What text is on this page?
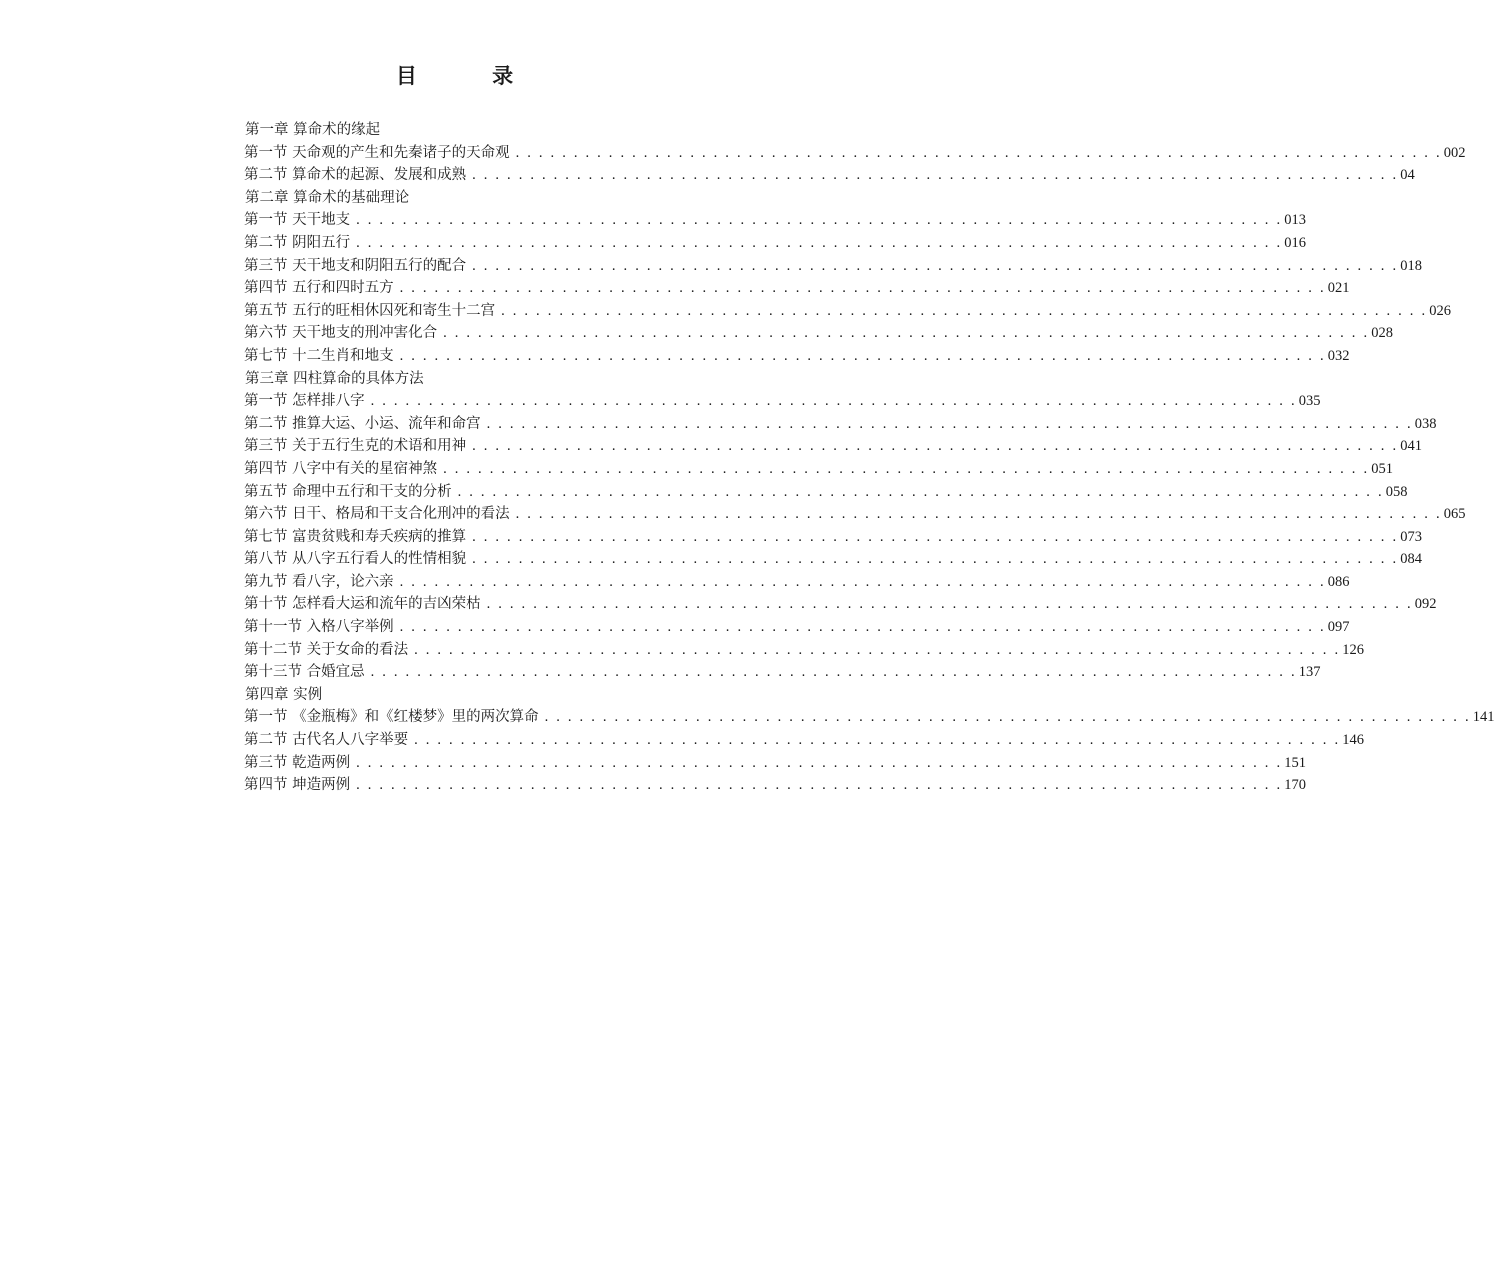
目 录
第一章 算命术的缘起
第一节 天命观的产生和先秦诸子的天命观 . . . . . . . . . . . . . . . . . . . . . . . . . . . . . . . . . . . . . . . . . . . . . . . . . . . . . . . . . . . . . . . . . . . . . . . . . . . . . . . . 002
第二节 算命术的起源、发展和成熟 . . . . . . . . . . . . . . . . . . . . . . . . . . . . . . . . . . . . . . . . . . . . . . . . . . . . . . . . . . . . . . . . . . . . . . . . . . . . . . . . 04
第二章 算命术的基础理论
第一节 天干地支 . . . . . . . . . . . . . . . . . . . . . . . . . . . . . . . . . . . . . . . . . . . . . . . . . . . . . . . . . . . . . . . . . . . . . . . . . . . . . . . . 013
第二节 阴阳五行 . . . . . . . . . . . . . . . . . . . . . . . . . . . . . . . . . . . . . . . . . . . . . . . . . . . . . . . . . . . . . . . . . . . . . . . . . . . . . . . . 016
第三节 天干地支和阴阳五行的配合 . . . . . . . . . . . . . . . . . . . . . . . . . . . . . . . . . . . . . . . . . . . . . . . . . . . . . . . . . . . . . . . . . . . . . . . . . . . . . . . . 018
第四节 五行和四时五方 . . . . . . . . . . . . . . . . . . . . . . . . . . . . . . . . . . . . . . . . . . . . . . . . . . . . . . . . . . . . . . . . . . . . . . . . . . . . . . . . 021
第五节 五行的旺相休囚死和寄生十二宫 . . . . . . . . . . . . . . . . . . . . . . . . . . . . . . . . . . . . . . . . . . . . . . . . . . . . . . . . . . . . . . . . . . . . . . . . . . . . . . . . 026
第六节 天干地支的刑冲害化合 . . . . . . . . . . . . . . . . . . . . . . . . . . . . . . . . . . . . . . . . . . . . . . . . . . . . . . . . . . . . . . . . . . . . . . . . . . . . . . . . 028
第七节 十二生肖和地支 . . . . . . . . . . . . . . . . . . . . . . . . . . . . . . . . . . . . . . . . . . . . . . . . . . . . . . . . . . . . . . . . . . . . . . . . . . . . . . . . 032
第三章 四柱算命的具体方法
第一节 怎样排八字 . . . . . . . . . . . . . . . . . . . . . . . . . . . . . . . . . . . . . . . . . . . . . . . . . . . . . . . . . . . . . . . . . . . . . . . . . . . . . . . . 035
第二节 推算大运、小运、流年和命宫 . . . . . . . . . . . . . . . . . . . . . . . . . . . . . . . . . . . . . . . . . . . . . . . . . . . . . . . . . . . . . . . . . . . . . . . . . . . . . . . . 038
第三节 关于五行生克的术语和用神 . . . . . . . . . . . . . . . . . . . . . . . . . . . . . . . . . . . . . . . . . . . . . . . . . . . . . . . . . . . . . . . . . . . . . . . . . . . . . . . . 041
第四节 八字中有关的星宿神煞 . . . . . . . . . . . . . . . . . . . . . . . . . . . . . . . . . . . . . . . . . . . . . . . . . . . . . . . . . . . . . . . . . . . . . . . . . . . . . . . . 051
第五节 命理中五行和干支的分析 . . . . . . . . . . . . . . . . . . . . . . . . . . . . . . . . . . . . . . . . . . . . . . . . . . . . . . . . . . . . . . . . . . . . . . . . . . . . . . . . 058
第六节 日干、格局和干支合化刑冲的看法 . . . . . . . . . . . . . . . . . . . . . . . . . . . . . . . . . . . . . . . . . . . . . . . . . . . . . . . . . . . . . . . . . . . . . . . . . . . . . . . . 065
第七节 富贵贫贱和寿夭疾病的推算 . . . . . . . . . . . . . . . . . . . . . . . . . . . . . . . . . . . . . . . . . . . . . . . . . . . . . . . . . . . . . . . . . . . . . . . . . . . . . . . . 073
第八节 从八字五行看人的性情相貌 . . . . . . . . . . . . . . . . . . . . . . . . . . . . . . . . . . . . . . . . . . . . . . . . . . . . . . . . . . . . . . . . . . . . . . . . . . . . . . . . 084
第九节 看八字，论六亲 . . . . . . . . . . . . . . . . . . . . . . . . . . . . . . . . . . . . . . . . . . . . . . . . . . . . . . . . . . . . . . . . . . . . . . . . . . . . . . . . 086
第十节 怎样看大运和流年的吉凶荣枯 . . . . . . . . . . . . . . . . . . . . . . . . . . . . . . . . . . . . . . . . . . . . . . . . . . . . . . . . . . . . . . . . . . . . . . . . . . . . . . . . 092
第十一节 入格八字举例 . . . . . . . . . . . . . . . . . . . . . . . . . . . . . . . . . . . . . . . . . . . . . . . . . . . . . . . . . . . . . . . . . . . . . . . . . . . . . . . . 097
第十二节 关于女命的看法 . . . . . . . . . . . . . . . . . . . . . . . . . . . . . . . . . . . . . . . . . . . . . . . . . . . . . . . . . . . . . . . . . . . . . . . . . . . . . . . . 126
第十三节 合婚宜忌 . . . . . . . . . . . . . . . . . . . . . . . . . . . . . . . . . . . . . . . . . . . . . . . . . . . . . . . . . . . . . . . . . . . . . . . . . . . . . . . . 137
第四章 实例
第一节 《金瓶梅》和《红楼梦》里的两次算命 . . . . . . . . . . . . . . . . . . . . . . . . . . . . . . . . . . . . . . . . . . . . . . . . . . . . . . . . . . . . . . . . . . . . . . . . . . . . . . . . 141
第二节 古代名人八字举要 . . . . . . . . . . . . . . . . . . . . . . . . . . . . . . . . . . . . . . . . . . . . . . . . . . . . . . . . . . . . . . . . . . . . . . . . . . . . . . . . 146
第三节 乾造两例 . . . . . . . . . . . . . . . . . . . . . . . . . . . . . . . . . . . . . . . . . . . . . . . . . . . . . . . . . . . . . . . . . . . . . . . . . . . . . . . . 151
第四节 坤造两例 . . . . . . . . . . . . . . . . . . . . . . . . . . . . . . . . . . . . . . . . . . . . . . . . . . . . . . . . . . . . . . . . . . . . . . . . . . . . . . . . 170
